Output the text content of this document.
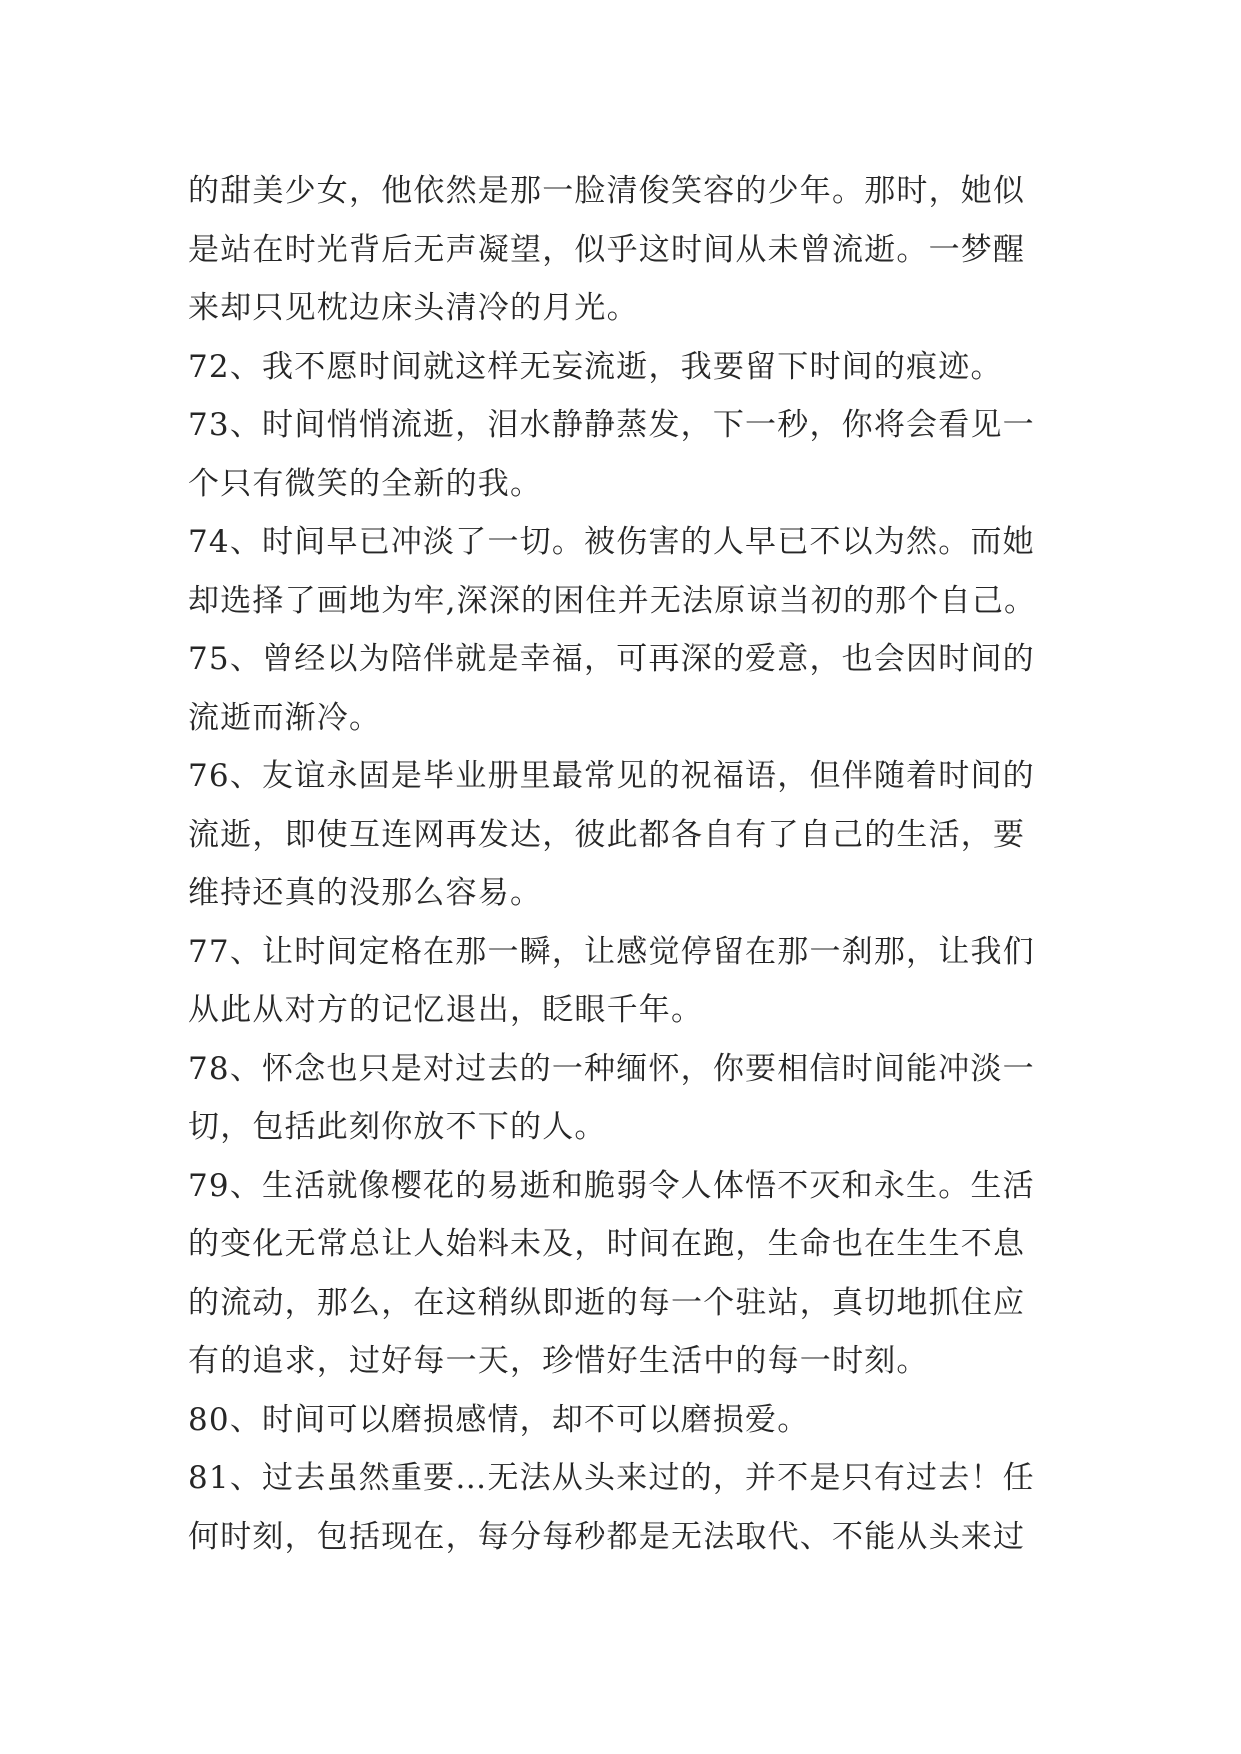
的甜美少女，他依然是那一脸清俊笑容的少年。那时，她似
是站在时光背后无声凝望，似乎这时间从未曾流逝。一梦醒
来却只见枕边床头清冷的月光。
72、我不愿时间就这样无妄流逝，我要留下时间的痕迹。
73、时间悄悄流逝，泪水静静蒸发，下一秒，你将会看见一
个只有微笑的全新的我。
74、时间早已冲淡了一切。被伤害的人早已不以为然。而她
却选择了画地为牢,深深的困住并无法原谅当初的那个自己。
75、曾经以为陪伴就是幸福，可再深的爱意，也会因时间的
流逝而渐冷。
76、友谊永固是毕业册里最常见的祝福语，但伴随着时间的
流逝，即使互连网再发达，彼此都各自有了自己的生活，要
维持还真的没那么容易。
77、让时间定格在那一瞬，让感觉停留在那一刹那，让我们
从此从对方的记忆退出，眨眼千年。
78、怀念也只是对过去的一种缅怀，你要相信时间能冲淡一
切，包括此刻你放不下的人。
79、生活就像樱花的易逝和脆弱令人体悟不灭和永生。生活
的变化无常总让人始料未及，时间在跑，生命也在生生不息
的流动，那么，在这稍纵即逝的每一个驻站，真切地抓住应
有的追求，过好每一天，珍惜好生活中的每一时刻。
80、时间可以磨损感情，却不可以磨损爱。
81、过去虽然重要…无法从头来过的，并不是只有过去！任
何时刻，包括现在，每分每秒都是无法取代、不能从头来过
